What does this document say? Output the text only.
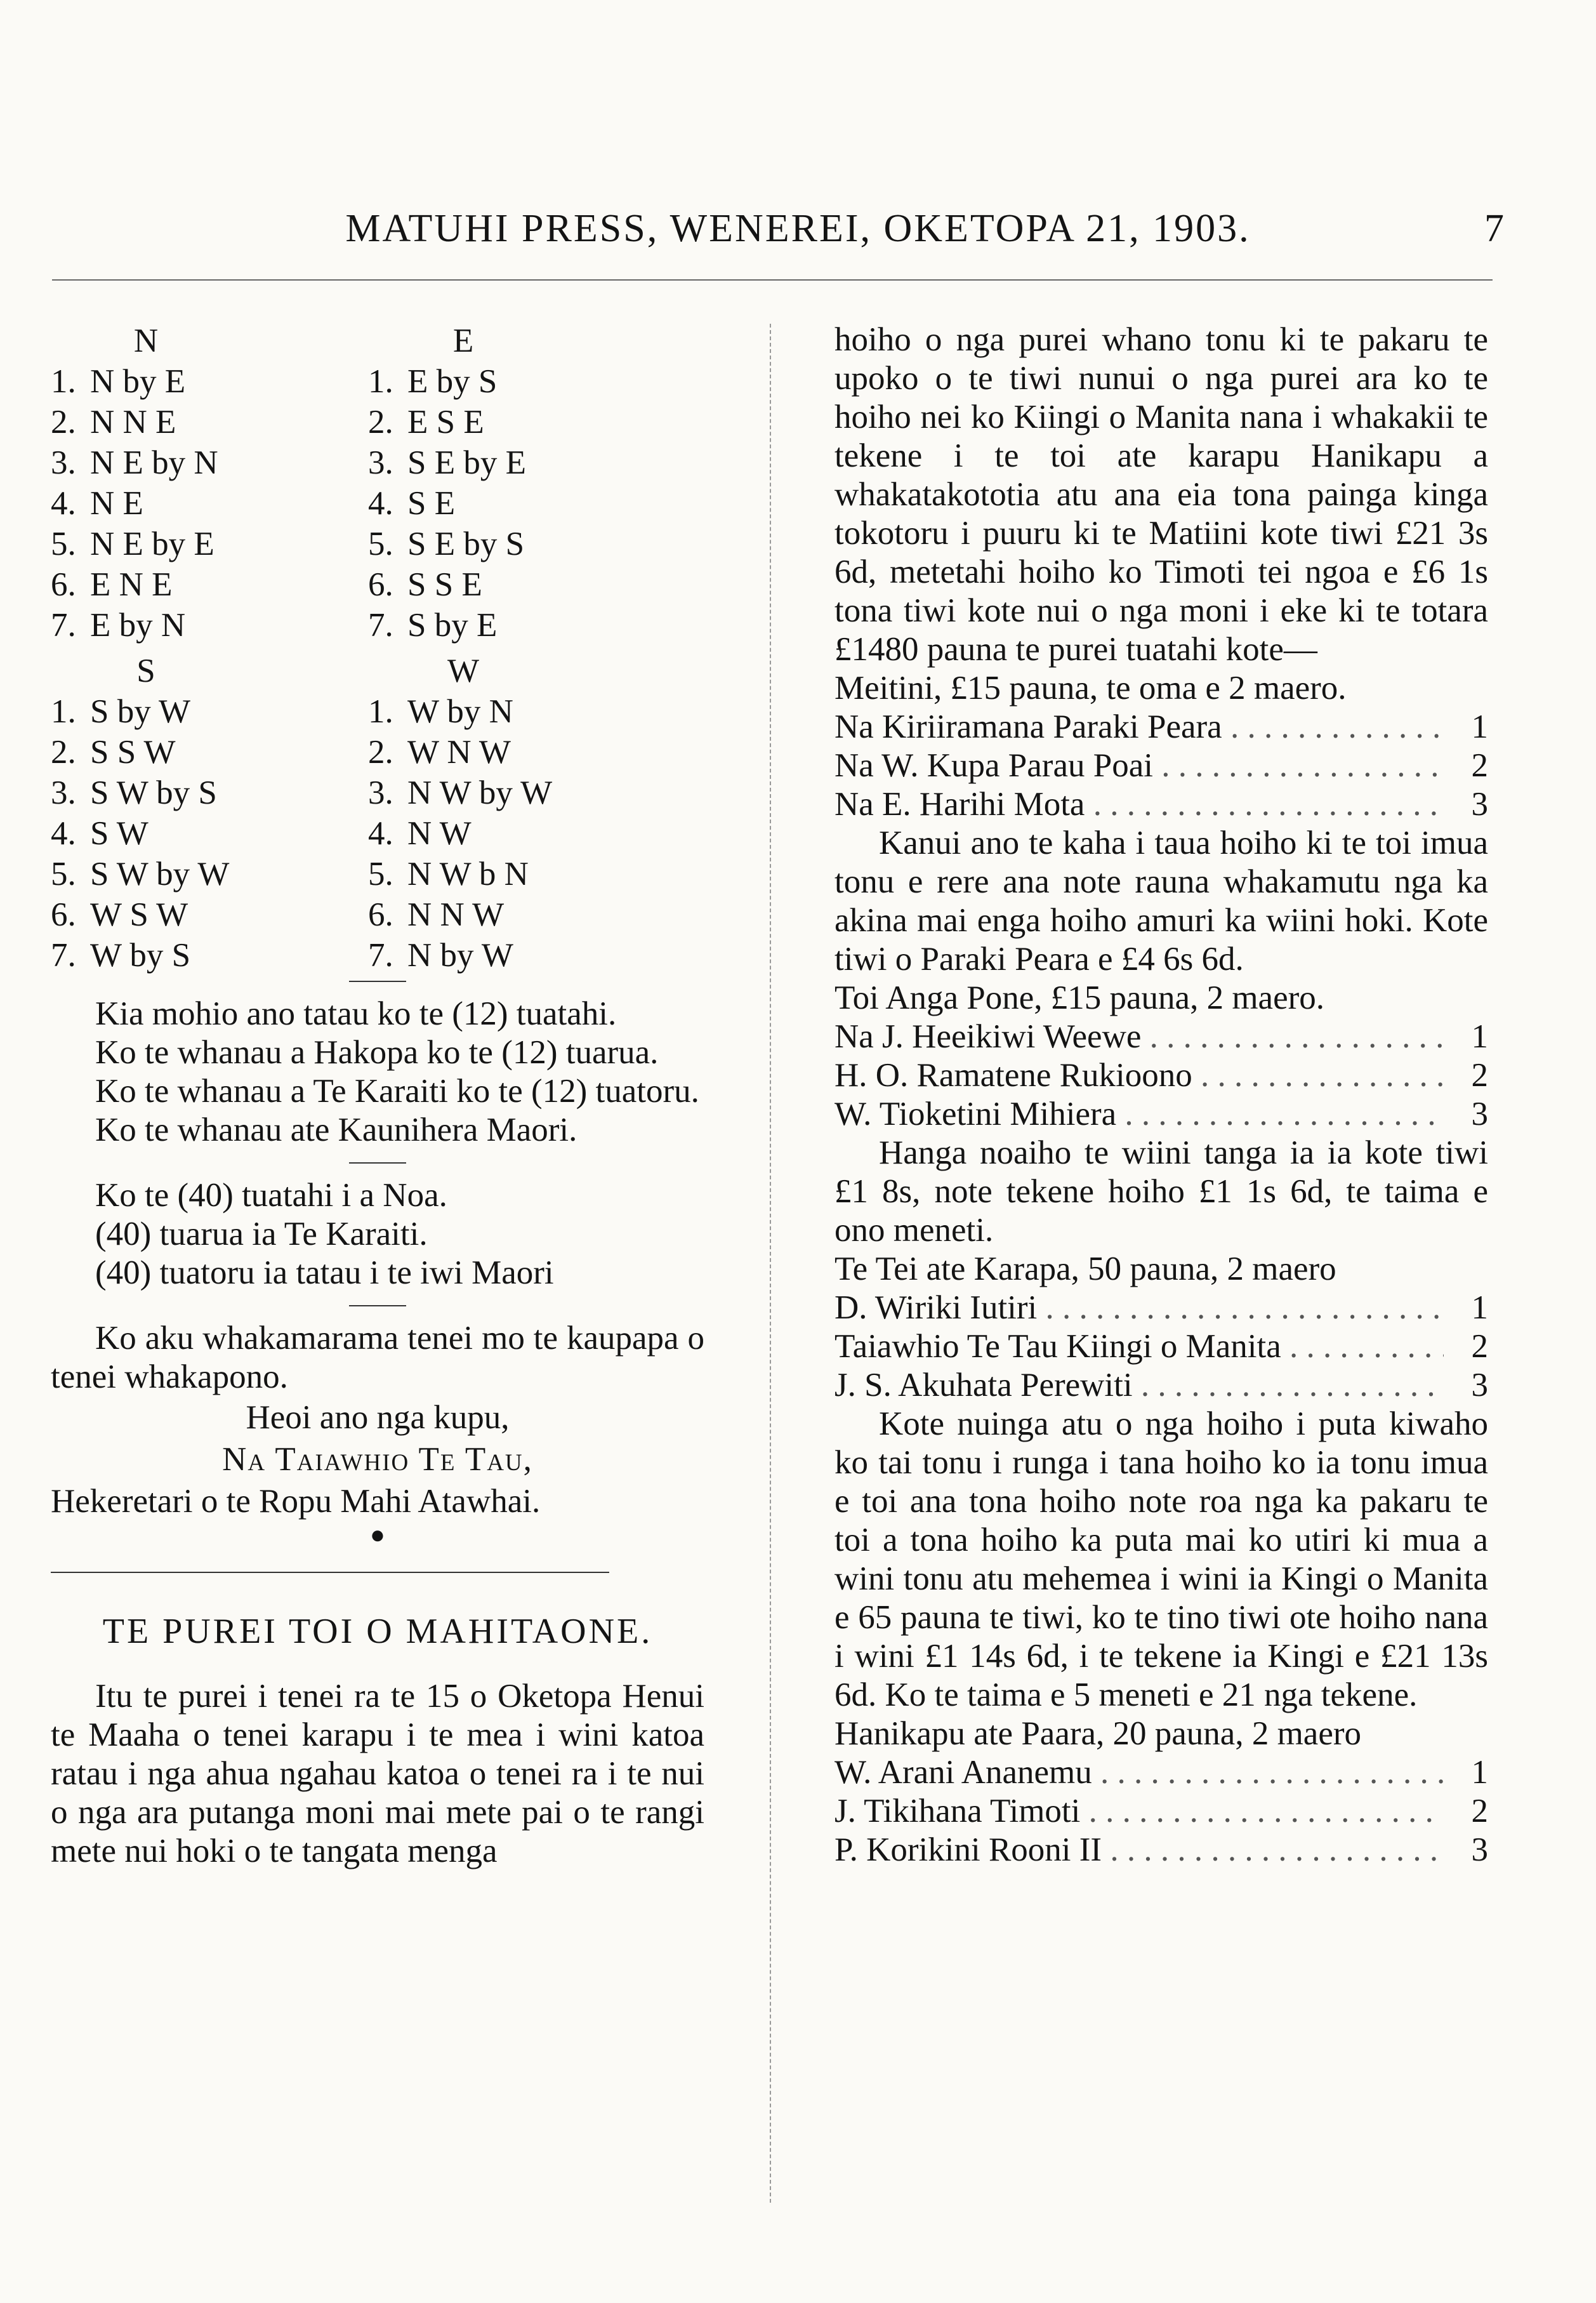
MATUHI PRESS, WENEREI, OKETOPA 21, 1903.	7
N
1. N by E
2. N N E
3. N E by N
4. N E
5. N E by E
6. E N E
7. E by N
E
1. E by S
2. E S E
3. S E by E
4. S E
5. S E by S
6. S S E
7. S by E
S
1. S by W
2. S S W
3. S W by S
4. S W
5. S W by W
6. W S W
7. W by S
W
1. W by N
2. W N W
3. N W by W
4. N W
5. N W b N
6. N N W
7. N by W

Kia mohio ano tatau ko te (12) tuatahi.

Ko te whanau a Hakopa ko te (12) tuarua.

Ko te whanau a Te Karaiti ko te (12) tuatoru.

Ko te whanau ate Kaunihera Maori.

Ko te (40) tuatahi i a Noa.

(40) tuarua ia Te Karaiti.

(40) tuatoru ia tatau i te iwi Maori

Ko aku whakamarama tenei mo te kaupapa o tenei whakapono.

Heoi ano nga kupu,
Na Taiawhio Te Tau,
Hekeretari o te Ropu Mahi Atawhai.
●
TE PUREI TOI O MAHITAONE.

Itu te purei i tenei ra te 15 o Oketopa Henui te Maaha o tenei karapu i te mea i wini katoa ratau i nga ahua ngahau katoa o tenei ra i te nui o nga ara putanga moni mai mete pai o te rangi mete nui hoki o te tangata menga

hoiho o nga purei whano tonu ki te pakaru te upoko o te tiwi nunui o nga purei ara ko te hoiho nei ko Kiingi o Manita nana i whakakii te tekene i te toi ate karapu Hanikapu a whakatakototia atu ana eia tona painga kinga tokotoru i puuru ki te Matiini kote tiwi £21 3s 6d, metetahi hoiho ko Timoti tei ngoa e £6 1s tona tiwi kote nui o nga moni i eke ki te totara £1480 pauna te purei tuatahi kote—

Meitini, £15 pauna, te oma e 2 maero.

Na Kiriiramana Paraki Peara . . .	1
Na W. Kupa Parau Poai . . .	2
Na E. Harihi Mota . . .	3

Kanui ano te kaha i taua hoiho ki te toi imua tonu e rere ana note rauna whakamutu nga ka akina mai enga hoiho amuri ka wiini hoki. Kote tiwi o Paraki Peara e £4 6s 6d.

Toi Anga Pone, £15 pauna, 2 maero.

Na J. Heeikiwi Weewe . . .	1
H. O. Ramatene Rukioono . . .	2
W. Tioketini Mihiera . . .	3

Hanga noaiho te wiini tanga ia ia kote tiwi £1 8s, note tekene hoiho £1 1s 6d, te taima e ono meneti.

Te Tei ate Karapa, 50 pauna, 2 maero

D. Wiriki Iutiri . . .	1
Taiawhio Te Tau Kiingi o Manita . . .	2
J. S. Akuhata Perewiti . . .	3

Kote nuinga atu o nga hoiho i puta kiwaho ko tai tonu i runga i tana hoiho ko ia tonu imua e toi ana tona hoiho note roa nga ka pakaru te toi a tona hoiho ka puta mai ko utiri ki mua a wini tonu atu mehemea i wini ia Kingi o Manita e 65 pauna te tiwi, ko te tino tiwi ote hoiho nana i wini £1 14s 6d, i te tekene ia Kingi e £21 13s 6d. Ko te taima e 5 meneti e 21 nga tekene.

Hanikapu ate Paara, 20 pauna, 2 maero

W. Arani Ananemu . . .	1
J. Tikihana Timoti . . .	2
P. Korikini Rooni II . . .	3
